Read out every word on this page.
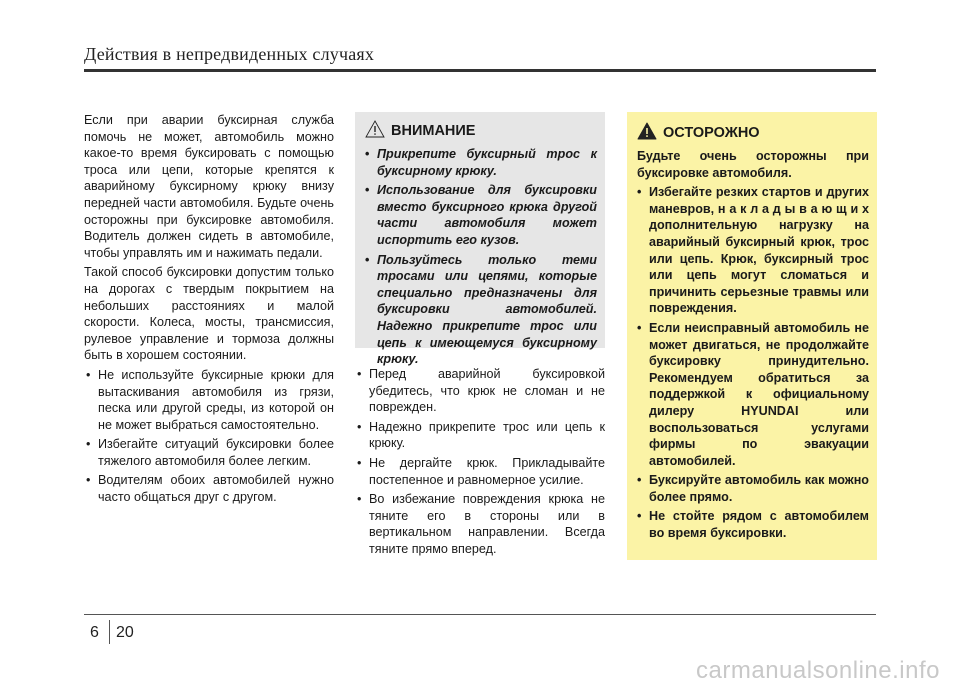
Действия в непредвиденных случаях

Если при аварии буксирная служба помочь не может, автомобиль можно какое-то время буксировать с помощью троса или цепи, которые крепятся к аварийному буксирному крюку внизу передней части автомобиля. Будьте очень осторожны при буксировке автомобиля. Водитель должен сидеть в автомобиле, чтобы управлять им и нажимать педали.

Такой способ буксировки допустим только на дорогах с твердым покрытием на небольших расстояниях и малой скорости. Колеса, мосты, трансмиссия, рулевое управление и тормоза должны быть в хорошем состоянии.

• Не используйте буксирные крюки для вытаскивания автомобиля из грязи, песка или другой среды, из которой он не может выбраться самостоятельно.
• Избегайте ситуаций буксировки более тяжелого автомобиля более легким.
• Водителям обоих автомобилей нужно часто общаться друг с другом.
ВНИМАНИЕ
• Прикрепите буксирный трос к буксирному крюку.
• Использование для буксировки вместо буксирного крюка другой части автомобиля может испортить его кузов.
• Пользуйтесь только теми тросами или цепями, которые специально предназначены для буксировки автомобилей. Надежно прикрепите трос или цепь к имеющемуся буксирному крюку.
• Перед аварийной буксировкой убедитесь, что крюк не сломан и не поврежден.
• Надежно прикрепите трос или цепь к крюку.
• Не дергайте крюк. Прикладывайте постепенное и равномерное усилие.
• Во избежание повреждения крюка не тяните его в стороны или в вертикальном направлении. Всегда тяните прямо вперед.
ОСТОРОЖНО

Будьте очень осторожны при буксировке автомобиля.

• Избегайте резких стартов и других маневров, н а к л а д ы в а ю щ и х дополнительную нагрузку на аварийный буксирный крюк, трос или цепь. Крюк, буксирный трос или цепь могут сломаться и причинить серьезные травмы или повреждения.
• Если неисправный автомобиль не может двигаться, не продолжайте буксировку принудительно. Рекомендуем обратиться за поддержкой к официальному дилеру HYUNDAI или воспользоваться услугами фирмы по эвакуации автомобилей.
• Буксируйте автомобиль как можно более прямо.
• Не стойте рядом с автомобилем во время буксировки.
6 20
carmanualsonline.info
